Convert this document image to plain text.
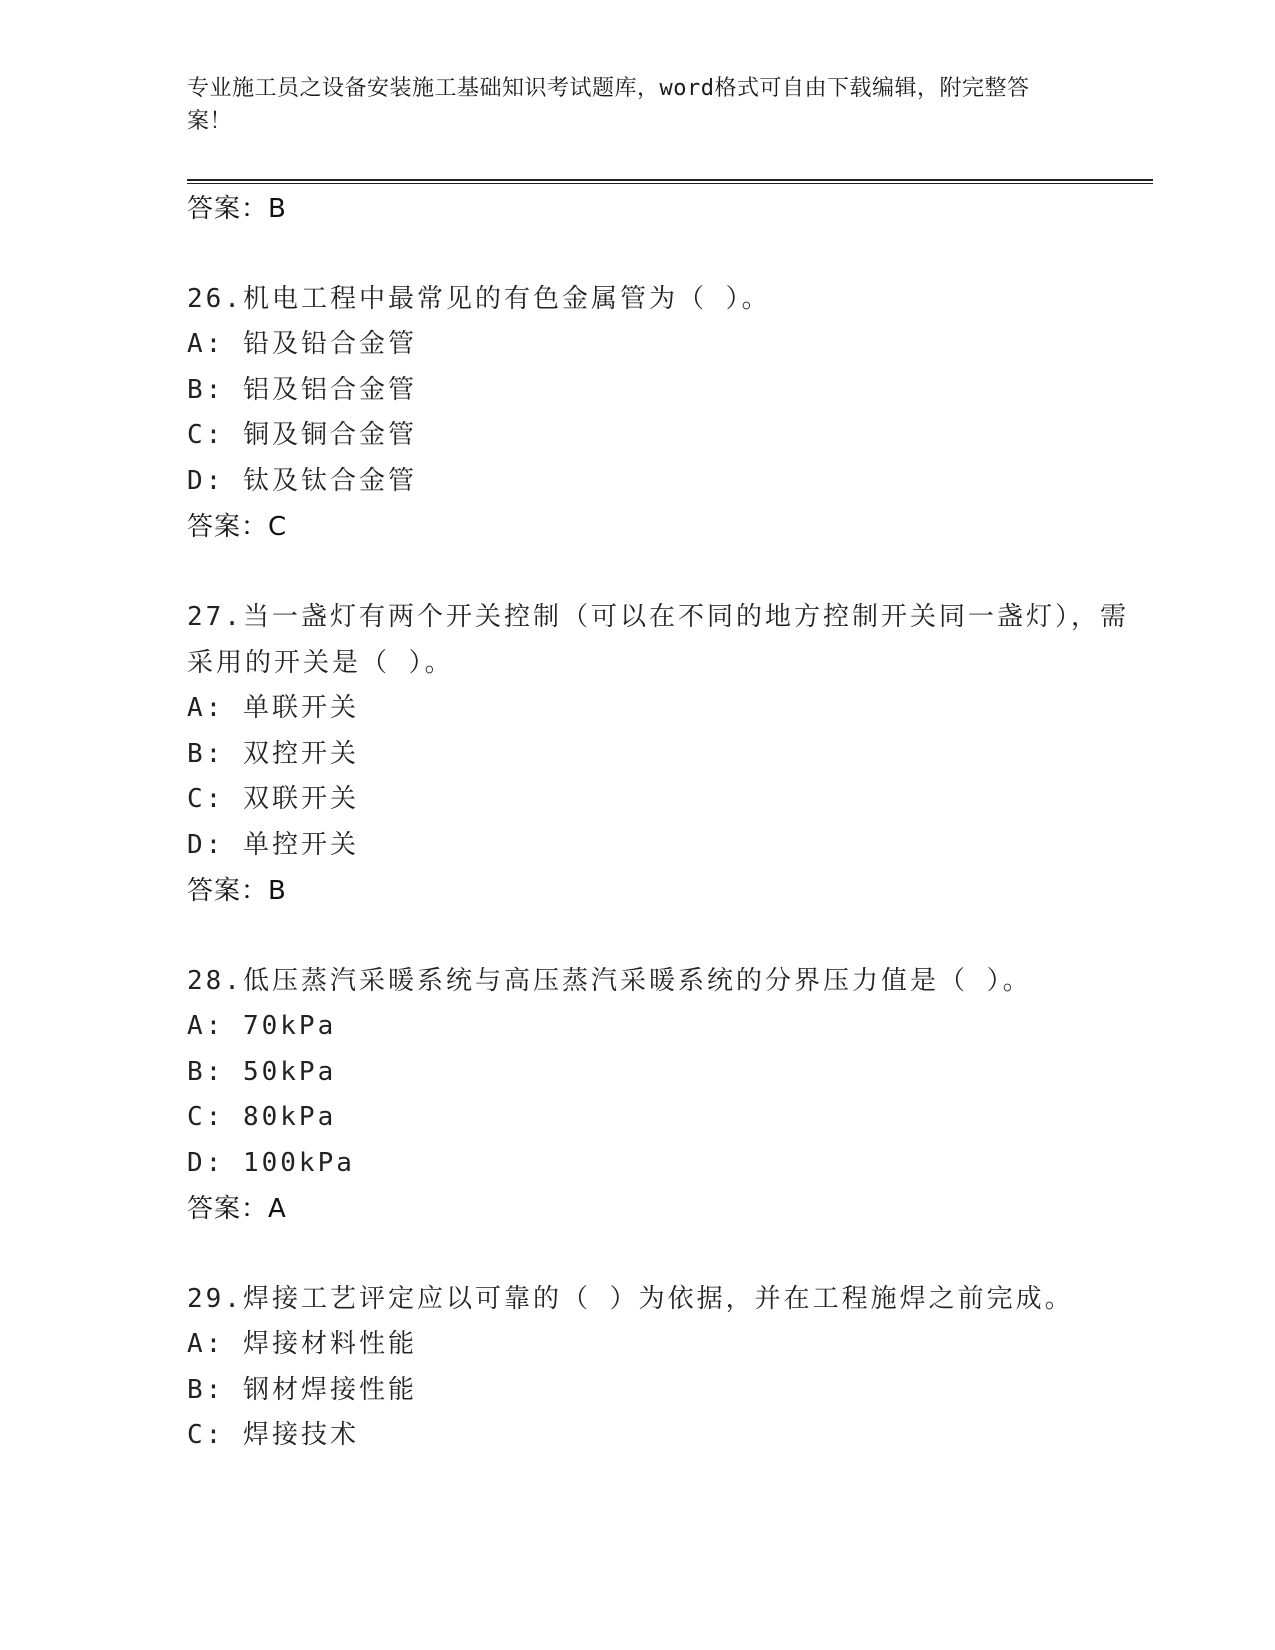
专业施工员之设备安装施工基础知识考试题库，word格式可自由下载编辑，附完整答案！
答案：B
26.机电工程中最常见的有色金属管为（ ）。
A: 铅及铅合金管
B: 铝及铝合金管
C: 铜及铜合金管
D: 钛及钛合金管
答案：C
27.当一盏灯有两个开关控制（可以在不同的地方控制开关同一盏灯），需采用的开关是（ ）。
A: 单联开关
B: 双控开关
C: 双联开关
D: 单控开关
答案：B
28.低压蒸汽采暖系统与高压蒸汽采暖系统的分界压力值是（ ）。
A: 70kPa
B: 50kPa
C: 80kPa
D: 100kPa
答案：A
29.焊接工艺评定应以可靠的（ ）为依据，并在工程施焊之前完成。
A: 焊接材料性能
B: 钢材焊接性能
C: 焊接技术
